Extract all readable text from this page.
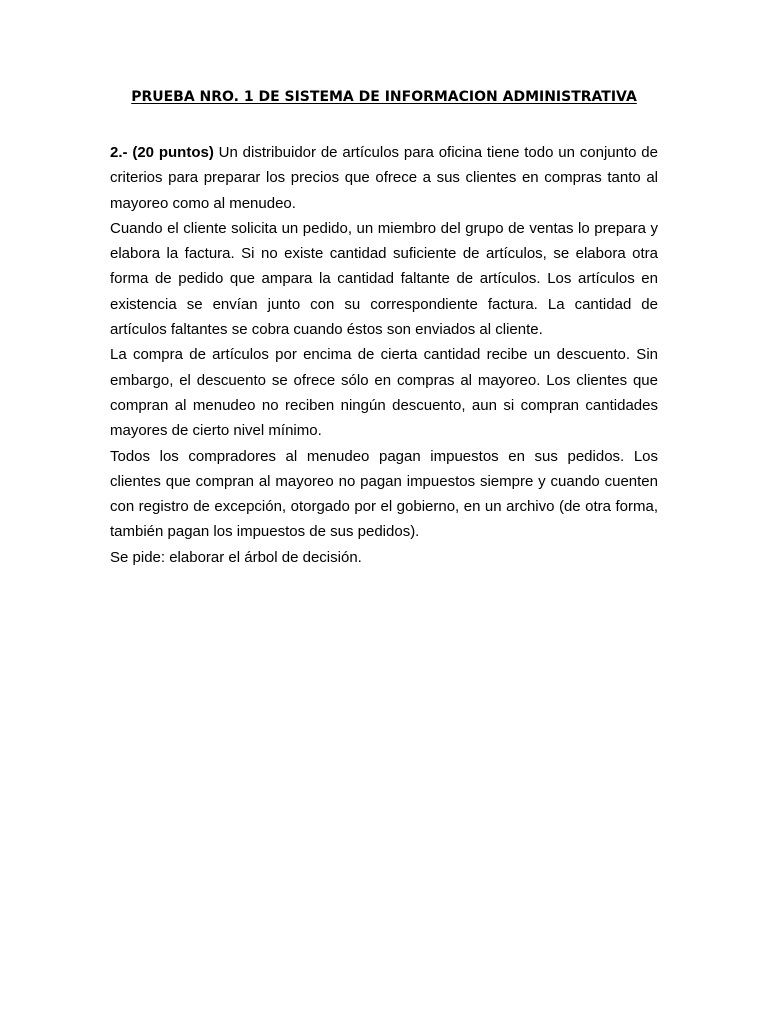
PRUEBA NRO. 1 DE SISTEMA DE INFORMACION ADMINISTRATIVA

2.- (20 puntos) Un distribuidor de artículos para oficina tiene todo un conjunto de criterios para preparar los precios que ofrece a sus clientes en compras tanto al mayoreo como al menudeo.

Cuando el cliente solicita un pedido, un miembro del grupo de ventas lo prepara y elabora la factura. Si no existe cantidad suficiente de artículos, se elabora otra forma de pedido que ampara la cantidad faltante de artículos. Los artículos en existencia se envían junto con su correspondiente factura. La cantidad de artículos faltantes se cobra cuando éstos son enviados al cliente.

La compra de artículos por encima de cierta cantidad recibe un descuento. Sin embargo, el descuento se ofrece sólo en compras al mayoreo. Los clientes que compran al menudeo no reciben ningún descuento, aun si compran cantidades mayores de cierto nivel mínimo.

Todos los compradores al menudeo pagan impuestos en sus pedidos. Los clientes que compran al mayoreo no pagan impuestos siempre y cuando cuenten con registro de excepción, otorgado por el gobierno, en un archivo (de otra forma, también pagan los impuestos de sus pedidos).

Se pide: elaborar el árbol de decisión.
